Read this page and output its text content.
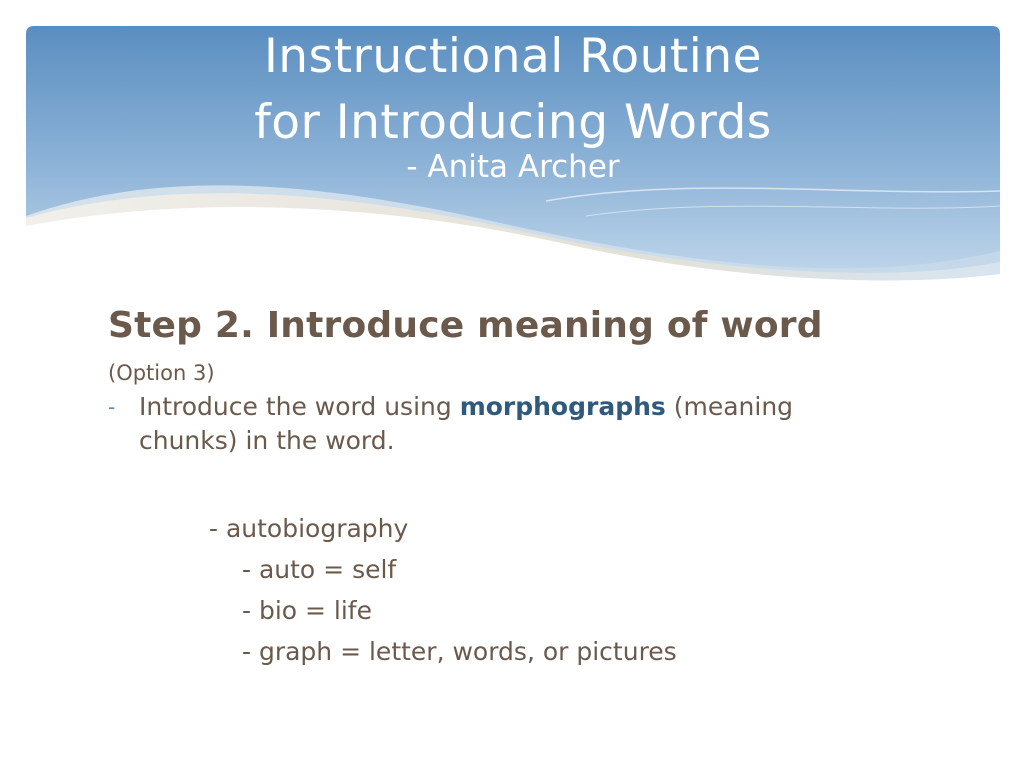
Instructional Routine
for Introducing Words
- Anita Archer
Step 2. Introduce meaning of word
(Option 3)
- Introduce the word using morphographs (meaning chunks) in the word.
- autobiography
- auto = self
- bio = life
- graph = letter, words, or pictures
